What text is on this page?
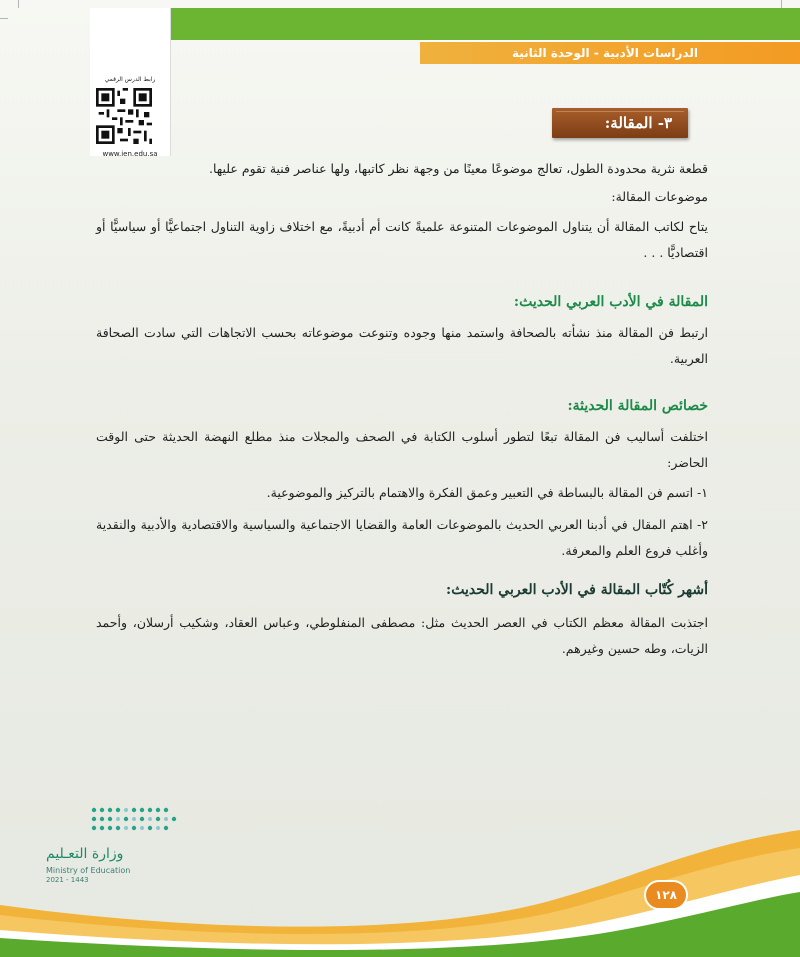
الدراسات الأدبية - الوحدة الثانية
رابط الدرس الرقمي
www.ien.edu.sa
٣- المقالة:
قطعة نثرية محدودة الطول، تعالج موضوعًا معينًا من وجهة نظر كاتبها، ولها عناصر فنية تقوم عليها.
موضوعات المقالة:
يتاح لكاتب المقالة أن يتناول الموضوعات المتنوعة علميةً كانت أم أدبيةً، مع اختلاف زاوية التناول اجتماعيًّا أو سياسيًّا أو اقتصاديًّا . . .
المقالة في الأدب العربي الحديث:
ارتبط فن المقالة منذ نشأته بالصحافة واستمد منها وجوده وتنوعت موضوعاته بحسب الاتجاهات التي سادت الصحافة العربية.
خصائص المقالة الحديثة:
اختلفت أساليب فن المقالة تبعًا لتطور أسلوب الكتابة في الصحف والمجلات منذ مطلع النهضة الحديثة حتى الوقت الحاضر:
١- اتسم فن المقالة بالبساطة في التعبير وعمق الفكرة والاهتمام بالتركيز والموضوعية.
٢- اهتم المقال في أدبنا العربي الحديث بالموضوعات العامة والقضايا الاجتماعية والسياسية والاقتصادية والأدبية والنقدية وأغلب فروع العلم والمعرفة.
أشهر كُتّاب المقالة في الأدب العربي الحديث:
اجتذبت المقالة معظم الكتاب في العصر الحديث مثل: مصطفى المنفلوطي، وعباس العقاد، وشكيب أرسلان، وأحمد الزيات، وطه حسين وغيرهم.
١٢٨
وزارة التعـليم
Ministry of Education
2021 - 1443
